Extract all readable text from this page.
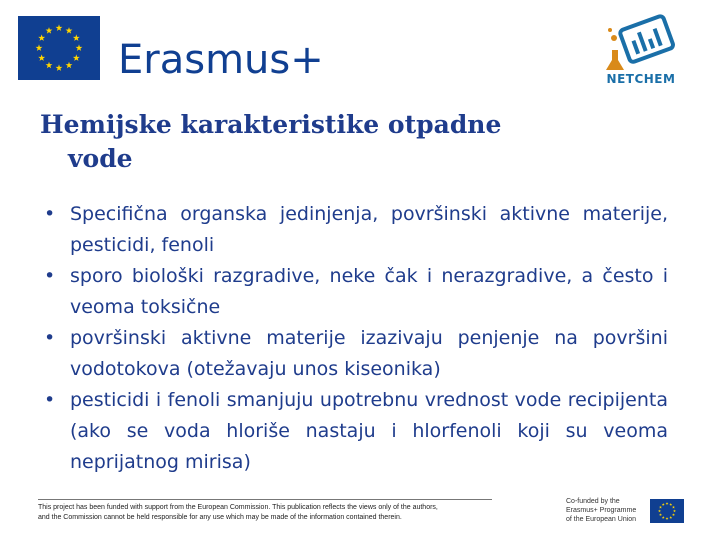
Erasmus+	NETCHEM
Hemijske karakteristike otpadne
vode
• Specifična organska jedinjenja, površinski aktivne materije, pesticidi, fenoli
• sporo biološki razgradive, neke čak i nerazgradive, a često i veoma toksične
• površinski aktivne materije izazivaju penjenje na površini vodotokova (otežavaju unos kiseonika)
• pesticidi i fenoli smanjuju upotrebnu vrednost vode recipijenta (ako se voda hloriše nastaju i hlorfenoli koji su veoma neprijatnog mirisa)
This project has been funded with support from the European Commission. This publication reflects the views only of the authors,
and the Commission cannot be held responsible for any use which may be made of the information contained therein.
Co-funded by the
Erasmus+ Programme
of the European Union
